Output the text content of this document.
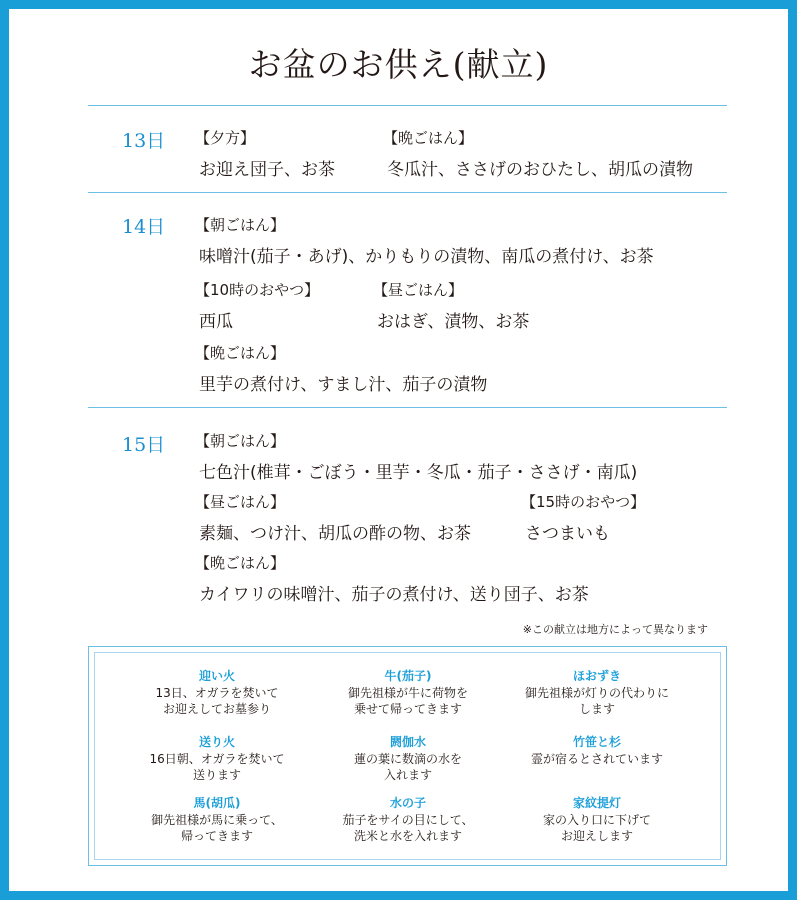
お盆のお供え(献立)
13日 【夕方】
お迎え団子、お茶
【晩ごはん】
冬瓜汁、ささげのおひたし、胡瓜の漬物
14日 【朝ごはん】
味噌汁(茄子・あげ)、かりもりの漬物、南瓜の煮付け、お茶
【10時のおやつ】
西瓜
【昼ごはん】
おはぎ、漬物、お茶
【晩ごはん】
里芋の煮付け、すまし汁、茄子の漬物
15日 【朝ごはん】
七色汁(椎茸・ごぼう・里芋・冬瓜・茄子・ささげ・南瓜)
【昼ごはん】
素麺、つけ汁、胡瓜の酢の物、お茶
【15時のおやつ】
さつまいも
【晩ごはん】
カイワリの味噌汁、茄子の煮付け、送り団子、お茶
※この献立は地方によって異なります
迎い火
13日、オガラを焚いて
お迎えしてお墓参り
牛(茄子)
御先祖様が牛に荷物を
乗せて帰ってきます
ほおずき
御先祖様が灯りの代わりに
します
送り火
16日朝、オガラを焚いて
送ります
閼伽水
蓮の葉に数滴の水を
入れます
竹笹と杉
霊が宿るとされています
馬(胡瓜)
御先祖様が馬に乗って、
帰ってきます
水の子
茄子をサイの目にして、
洗米と水を入れます
家紋提灯
家の入り口に下げて
お迎えします
